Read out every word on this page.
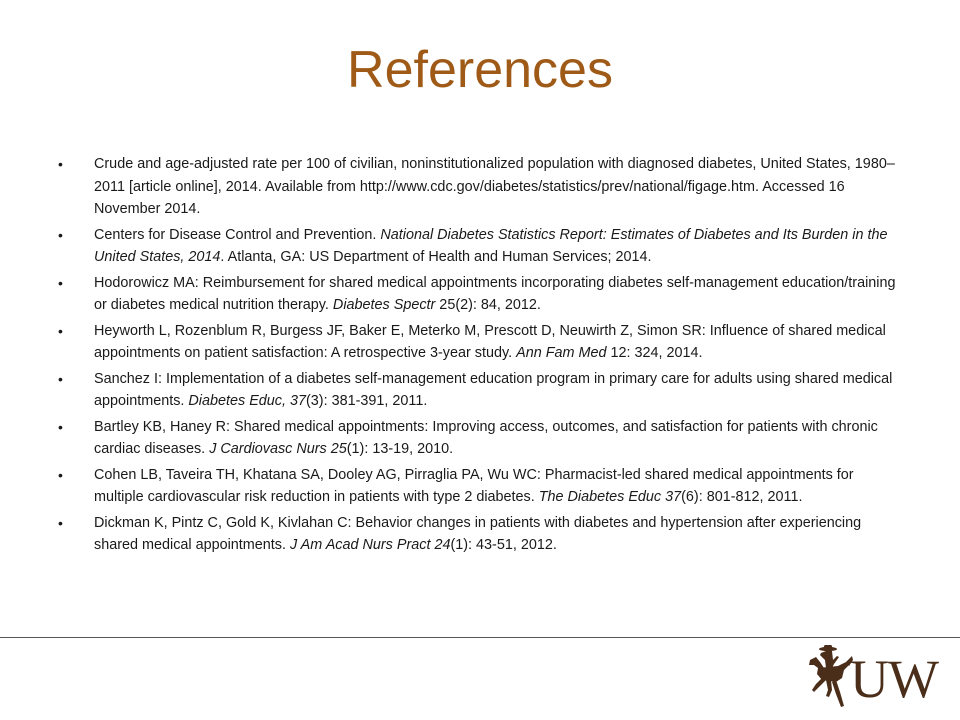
References
• Crude and age-adjusted rate per 100 of civilian, noninstitutionalized population with diagnosed diabetes, United States, 1980–2011 [article online], 2014. Available from http://www.cdc.gov/diabetes/statistics/prev/national/figage.htm. Accessed 16 November 2014.
• Centers for Disease Control and Prevention. National Diabetes Statistics Report: Estimates of Diabetes and Its Burden in the United States, 2014. Atlanta, GA: US Department of Health and Human Services; 2014.
• Hodorowicz MA: Reimbursement for shared medical appointments incorporating diabetes self-management education/training or diabetes medical nutrition therapy. Diabetes Spectr 25(2): 84, 2012.
• Heyworth L, Rozenblum R, Burgess JF, Baker E, Meterko M, Prescott D, Neuwirth Z, Simon SR: Influence of shared medical appointments on patient satisfaction: A retrospective 3-year study. Ann Fam Med 12: 324, 2014.
• Sanchez I: Implementation of a diabetes self-management education program in primary care for adults using shared medical appointments. Diabetes Educ, 37(3): 381-391, 2011.
• Bartley KB, Haney R: Shared medical appointments: Improving access, outcomes, and satisfaction for patients with chronic cardiac diseases. J Cardiovasc Nurs 25(1): 13-19, 2010.
• Cohen LB, Taveira TH, Khatana SA, Dooley AG, Pirraglia PA, Wu WC: Pharmacist-led shared medical appointments for multiple cardiovascular risk reduction in patients with type 2 diabetes. The Diabetes Educ 37(6): 801-812, 2011.
• Dickman K, Pintz C, Gold K, Kivlahan C: Behavior changes in patients with diabetes and hypertension after experiencing shared medical appointments. J Am Acad Nurs Pract 24(1): 43-51, 2012.
UW
